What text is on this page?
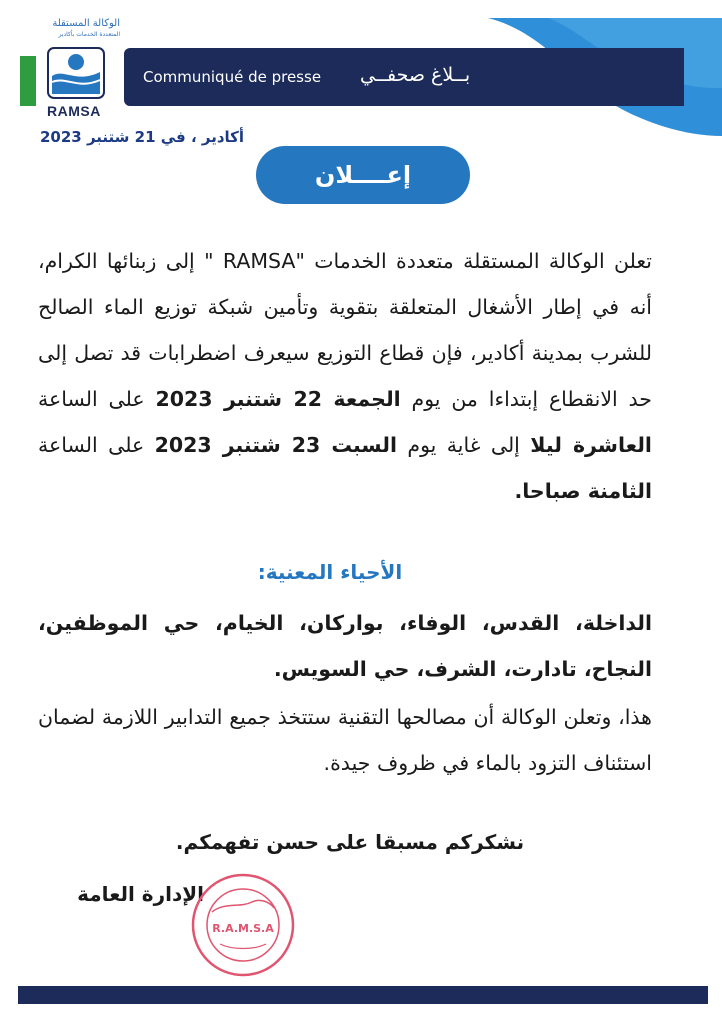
الوكالة المستقلة
المتعددة الخدمات بأكادير
RAMSA
Communiqué de presse بــلاغ صحفــي
أكادير ، في 21 شتنبر 2023
إعــــلان

تعلن الوكالة المستقلة متعددة الخدمات "RAMSA " إلى زبنائها الكرام، أنه في إطار الأشغال المتعلقة بتقوية وتأمين شبكة توزيع الماء الصالح للشرب بمدينة أكادير، فإن قطاع التوزيع سيعرف اضطرابات قد تصل إلى حد الانقطاع إبتداءا من يوم الجمعة 22 شتنبر 2023 على الساعة العاشرة ليلا إلى غاية يوم السبت 23 شتنبر 2023 على الساعة الثامنة صباحا.

الأحياء المعنية:
الداخلة، القدس، الوفاء، بواركان، الخيام، حي الموظفين، النجاح، تادارت، الشرف، حي السويس.
هذا، وتعلن الوكالة أن مصالحها التقنية ستتخذ جميع التدابير اللازمة لضمان استئناف التزود بالماء في ظروف جيدة.
نشكركم مسبقا على حسن تفهمكم.
الإدارة العامة
R.A.M.S.A
